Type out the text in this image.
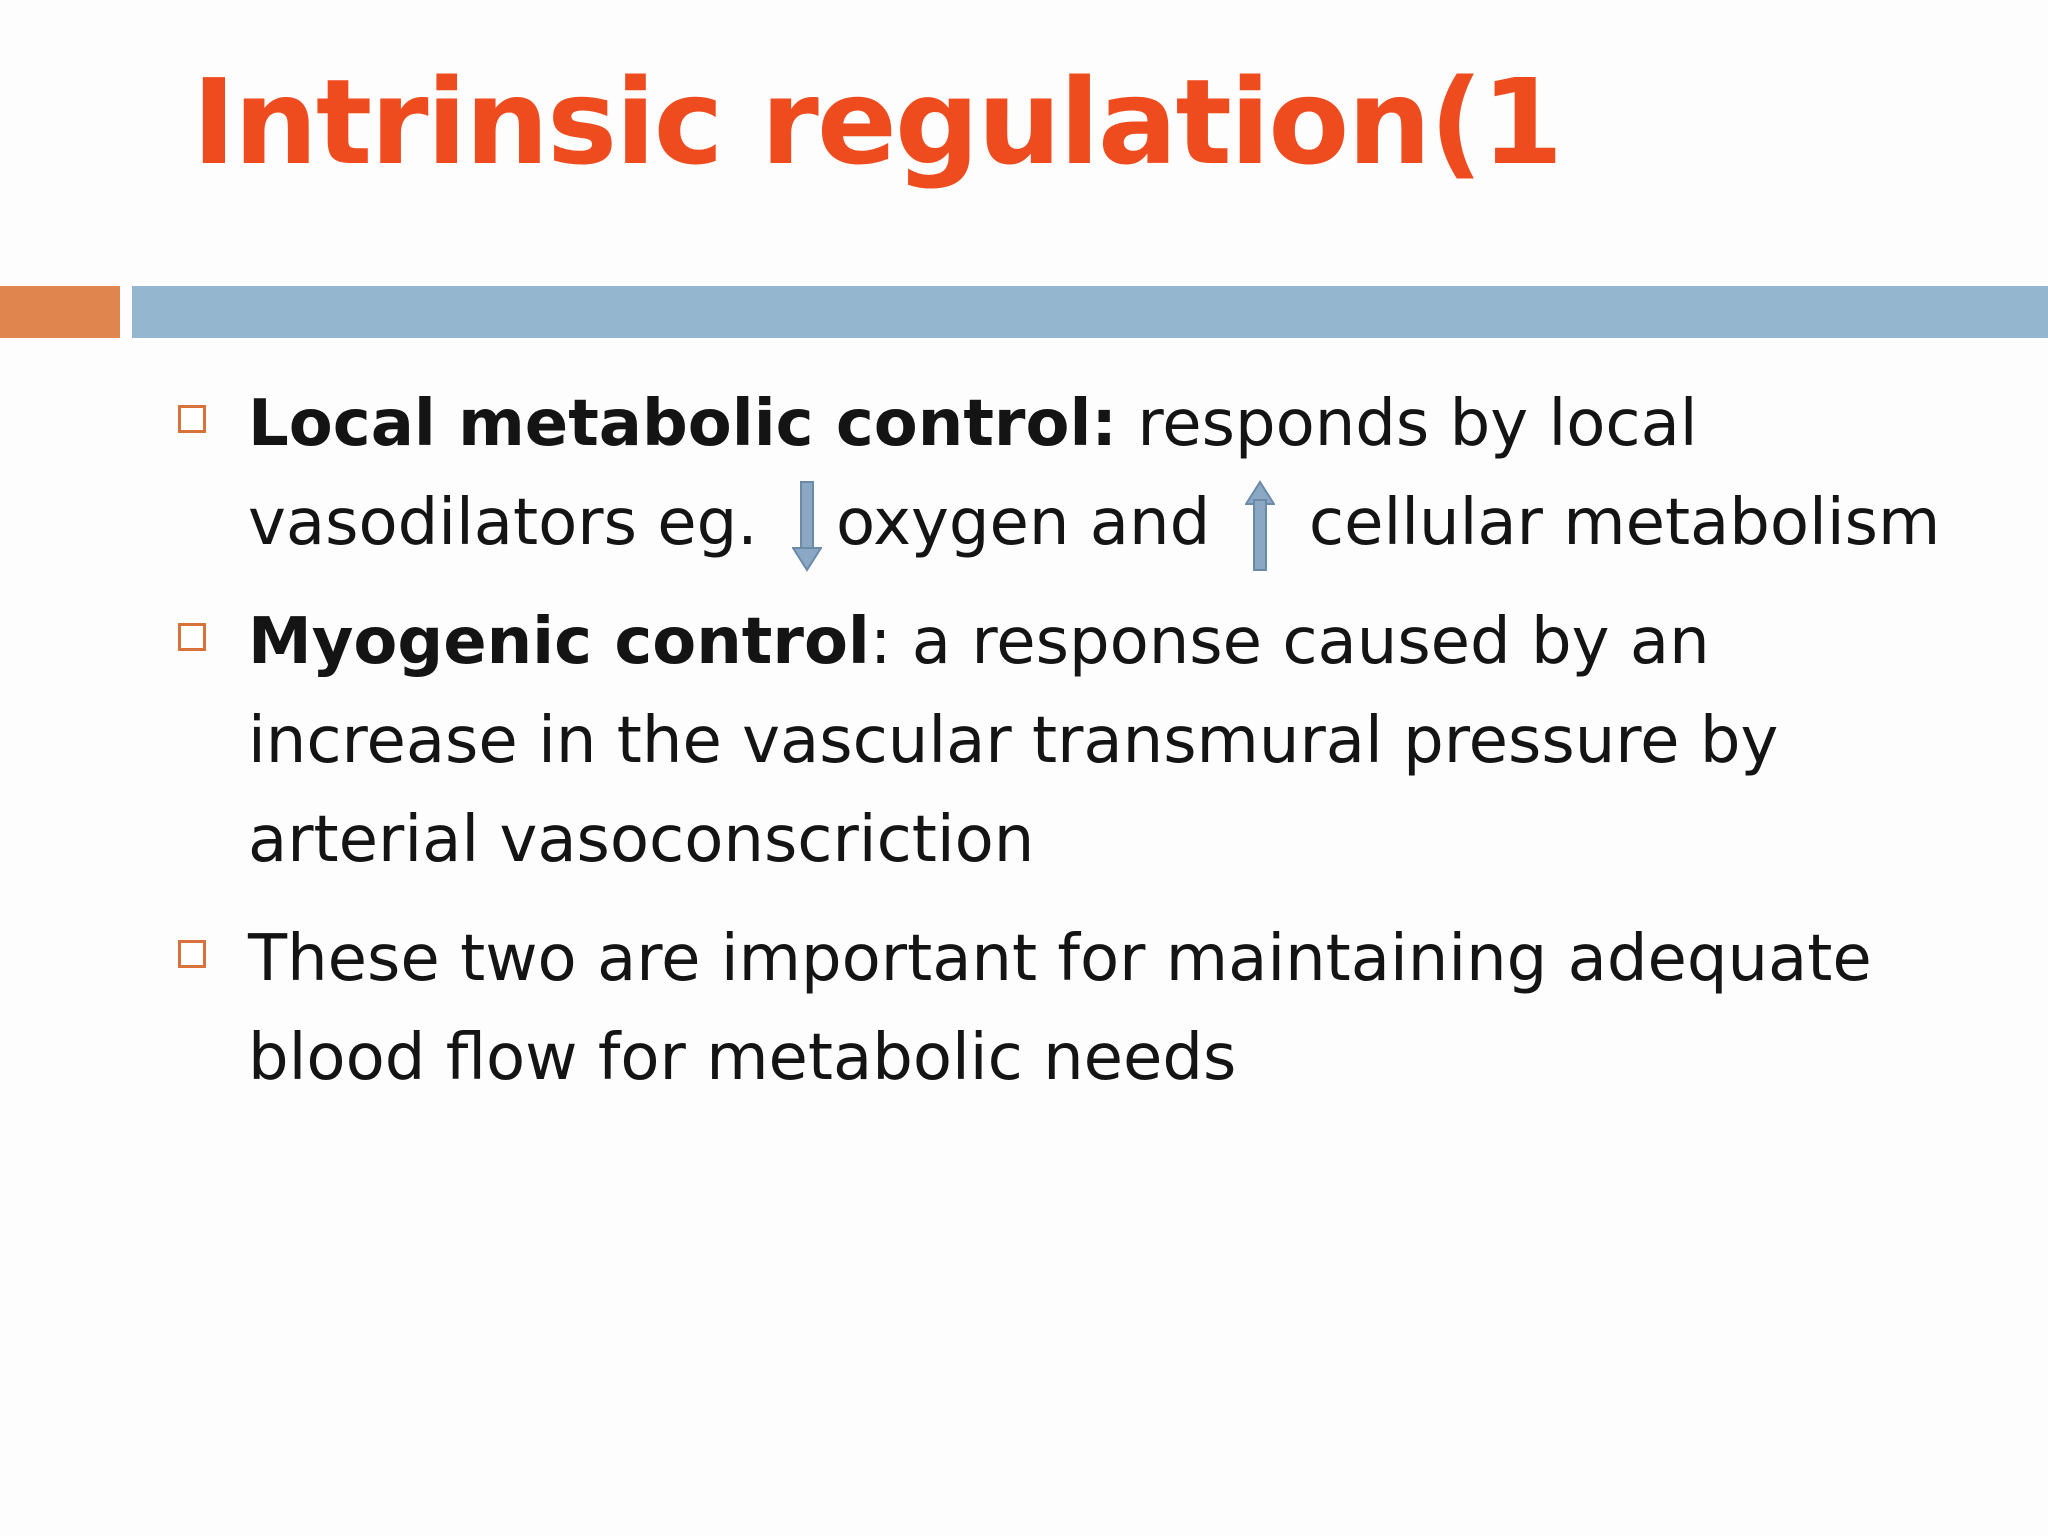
Intrinsic regulation(1
Local metabolic control: responds by local vasodilators eg. oxygen and  cellular metabolism
Myogenic control: a response caused by an increase in the vascular transmural pressure by arterial vasoconscriction
These two are important for maintaining adequate blood flow for metabolic needs
